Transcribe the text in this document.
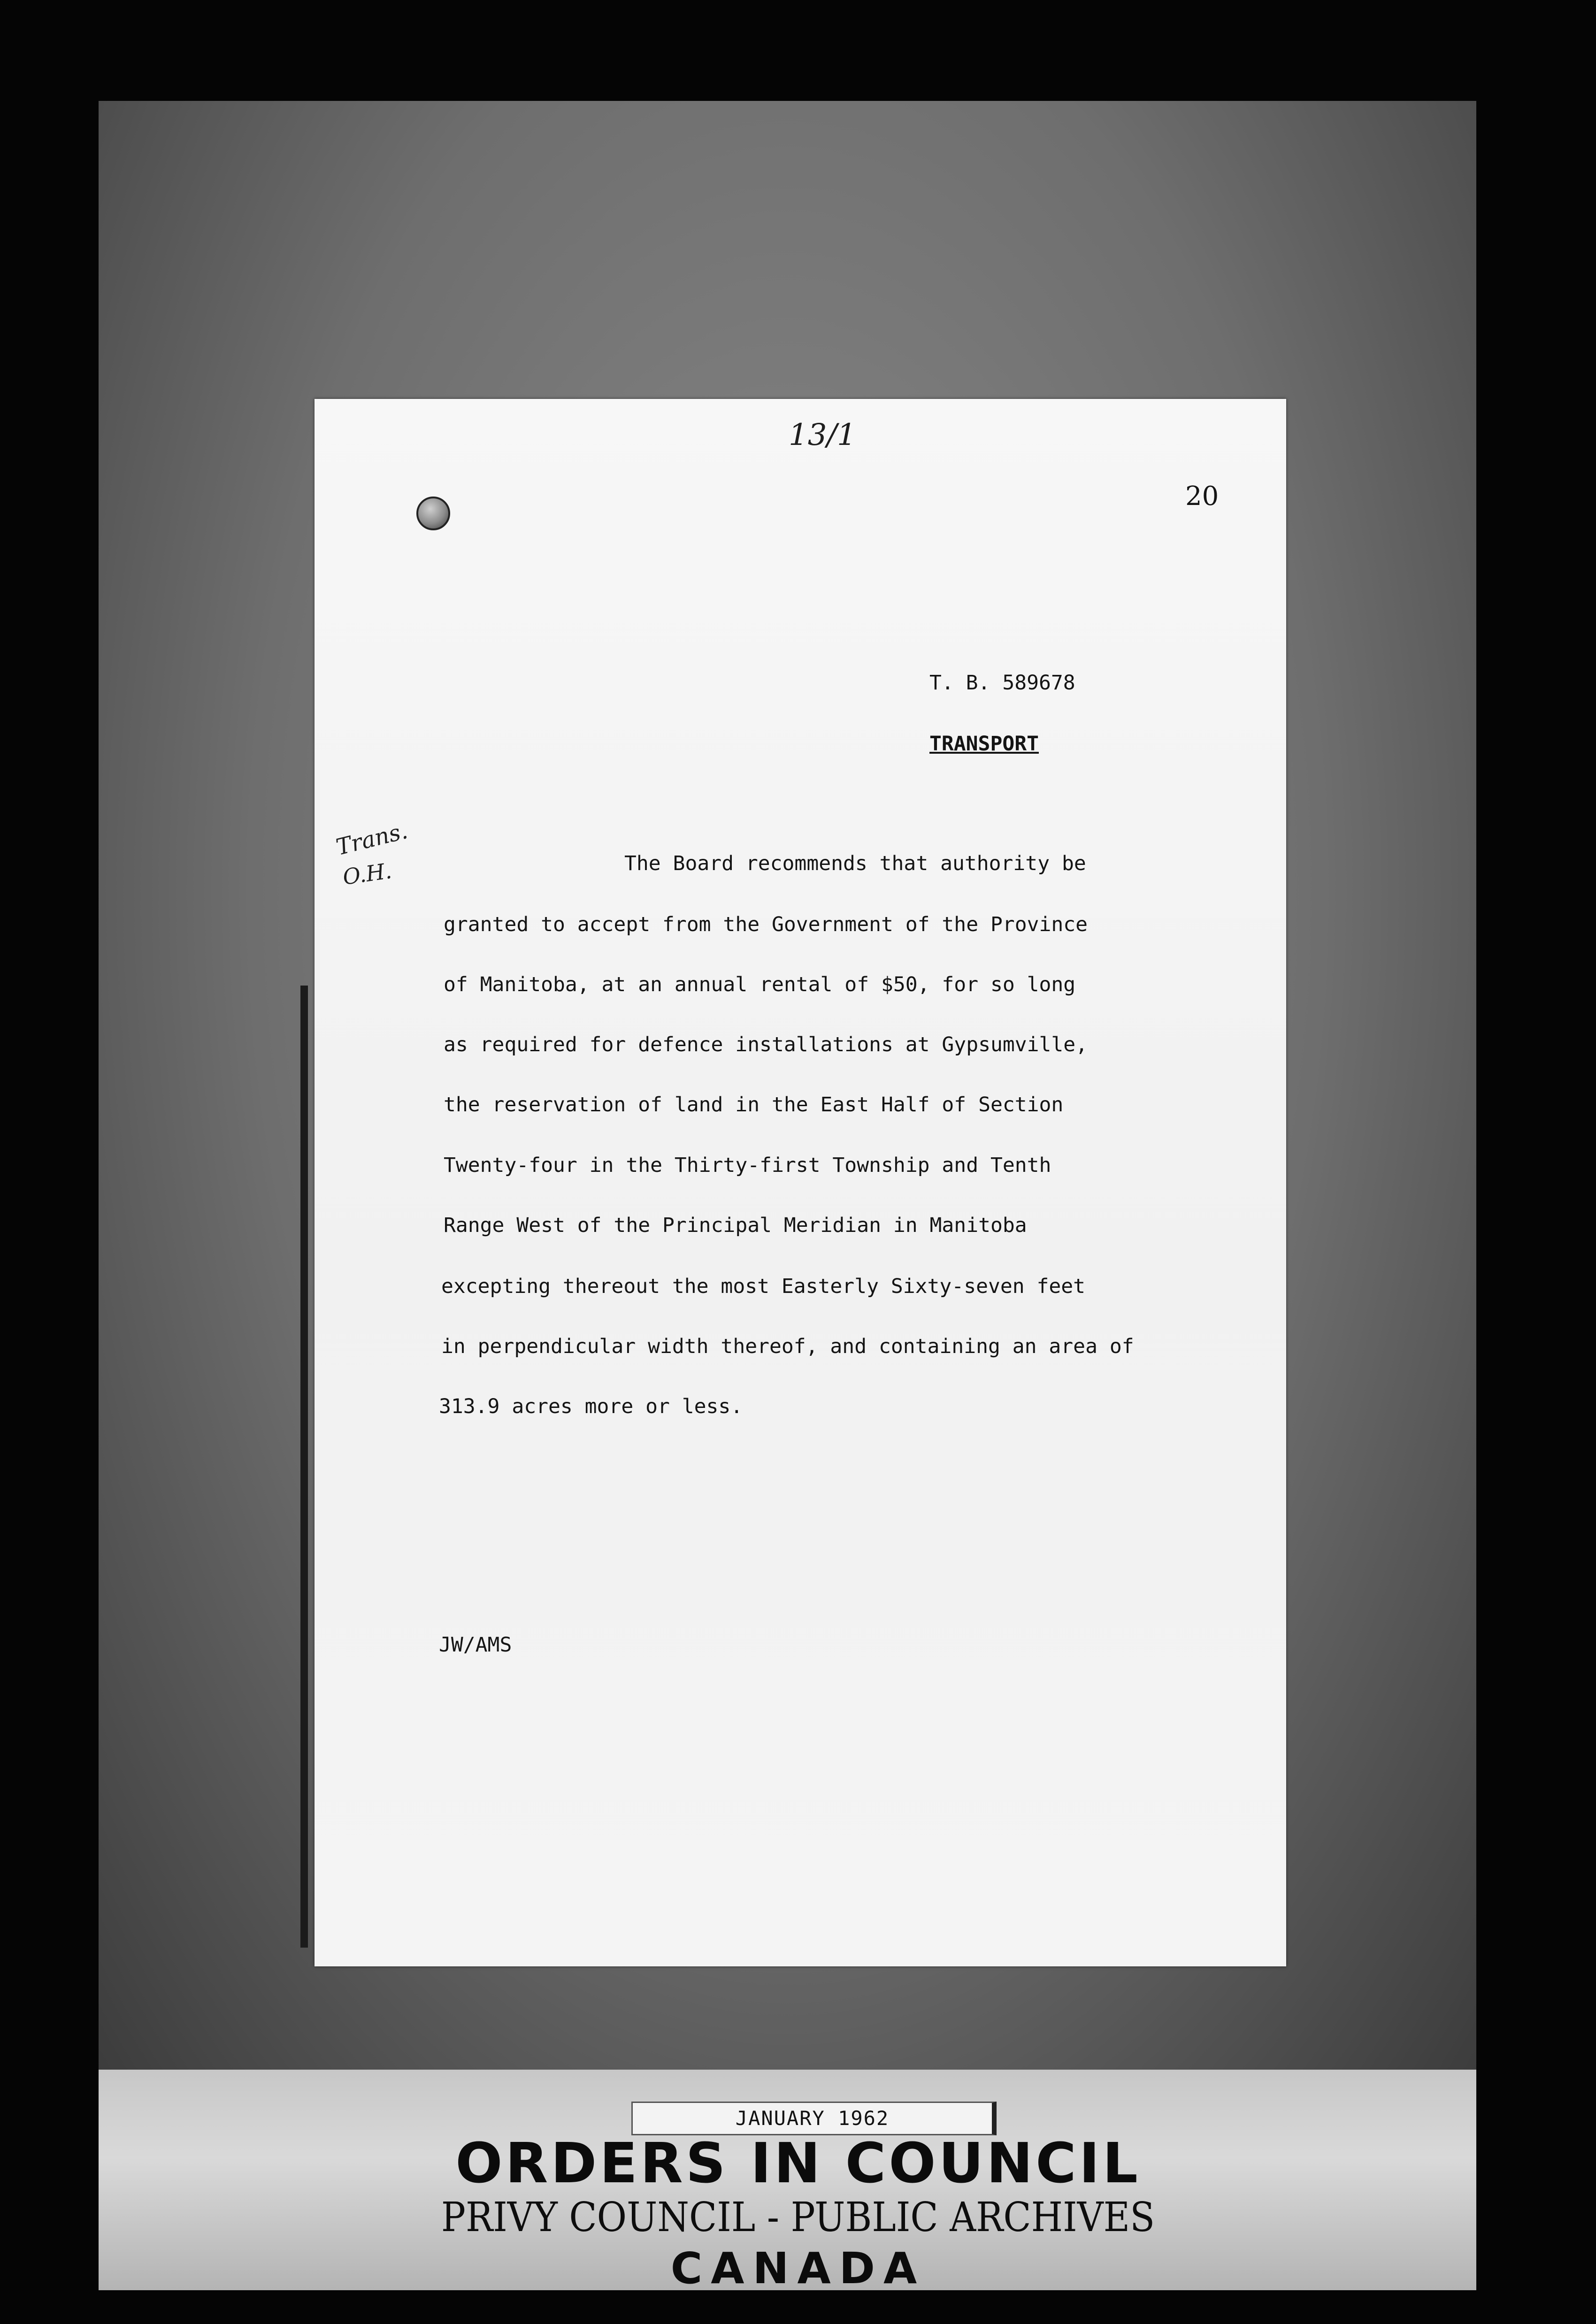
13/1
20
T. B. 589678
TRANSPORT
Trans.
O.H.	The Board recommends that authority be
granted to accept from the Government of the Province
of Manitoba, at an annual rental of $50, for so long
as required for defence installations at Gypsumville,
the reservation of land in the East Half of Section
Twenty-four in the Thirty-first Township and Tenth
Range West of the Principal Meridian in Manitoba
excepting thereout the most Easterly Sixty-seven feet
in perpendicular width thereof, and containing an area of
313.9 acres more or less.
JW/AMS
JANUARY 1962
ORDERS IN COUNCIL
PRIVY COUNCIL - PUBLIC ARCHIVES
CANADA
